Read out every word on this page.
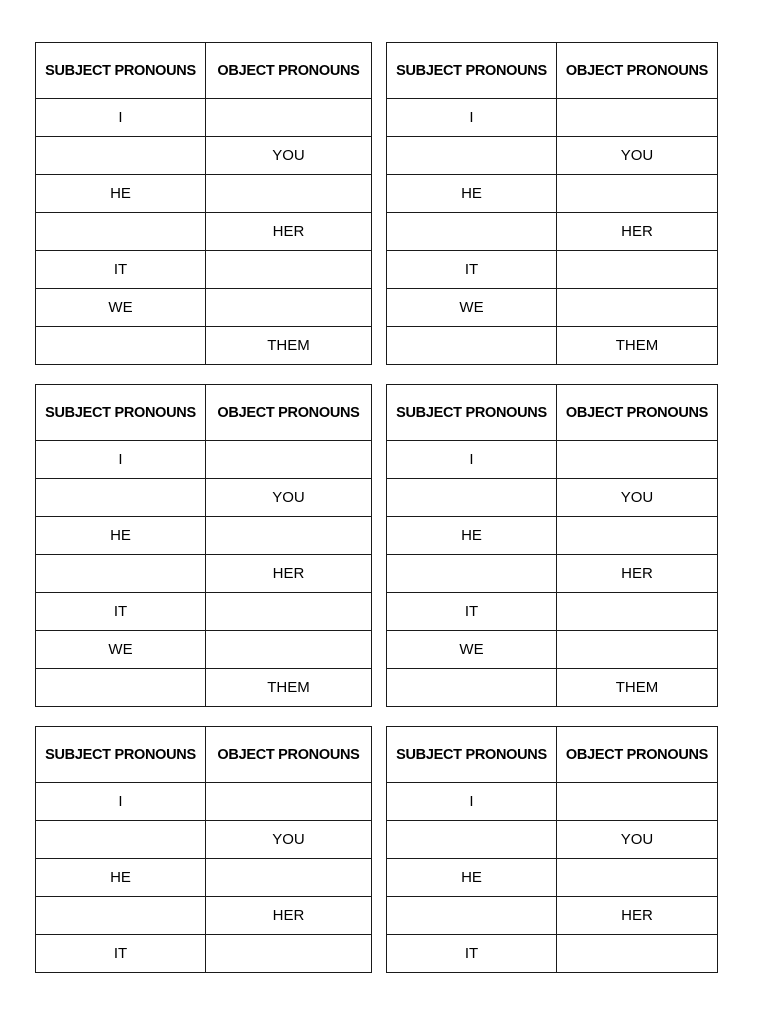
SUBJECT PRONOUNS	OBJECT PRONOUNS
I	
	YOU
HE	
	HER
IT	
WE	
	THEM
SUBJECT PRONOUNS	OBJECT PRONOUNS
I	
	YOU
HE	
	HER
IT	
WE	
	THEM
SUBJECT PRONOUNS	OBJECT PRONOUNS
I	
	YOU
HE	
	HER
IT	
WE	
	THEM
SUBJECT PRONOUNS	OBJECT PRONOUNS
I	
	YOU
HE	
	HER
IT	
WE	
	THEM
SUBJECT PRONOUNS	OBJECT PRONOUNS
I	
	YOU
HE	
	HER
IT	
SUBJECT PRONOUNS	OBJECT PRONOUNS
I	
	YOU
HE	
	HER
IT	
